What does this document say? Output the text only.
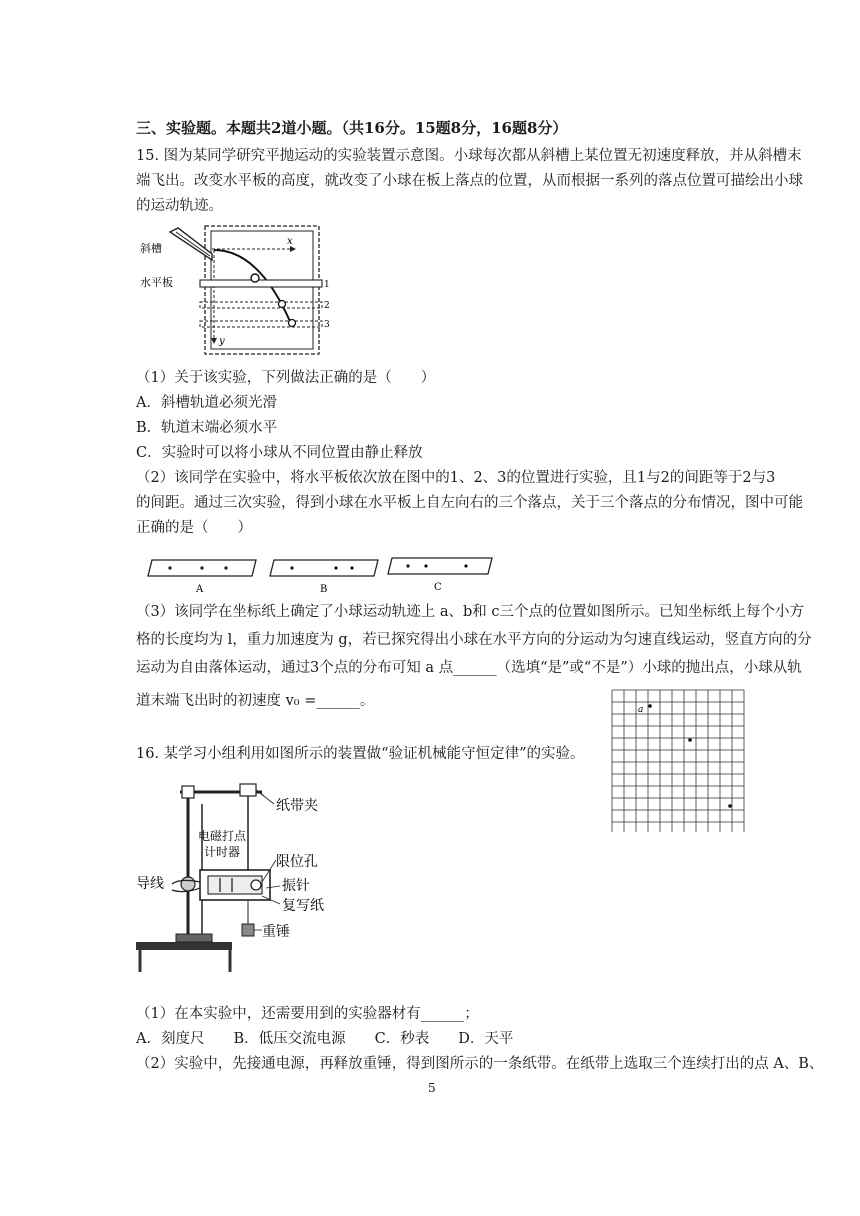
三、实验题。本题共2道小题。（共16分。15题8分，16题8分）
15. 图为某同学研究平抛运动的实验装置示意图。小球每次都从斜槽上某位置无初速度释放，并从斜槽末
端飞出。改变水平板的高度，就改变了小球在板上落点的位置，从而根据一系列的落点位置可描绘出小球
的运动轨迹。
x
y
1
2
3
斜槽
水平板
（1）关于该实验，下列做法正确的是（　　）
A．斜槽轨道必须光滑
B．轨道末端必须水平
C．实验时可以将小球从不同位置由静止释放
（2）该同学在实验中，将水平板依次放在图中的1、2、3的位置进行实验，且1与2的间距等于2与3
的间距。通过三次实验，得到小球在水平板上自左向右的三个落点，关于三个落点的分布情况，图中可能
正确的是（　　）
A	B	C
（3）该同学在坐标纸上确定了小球运动轨迹上 a、b和 c三个点的位置如图所示。已知坐标纸上每个小方
格的长度均为 l，重力加速度为 g，若已探究得出小球在水平方向的分运动为匀速直线运动，竖直方向的分
运动为自由落体运动，通过3个点的分布可知 a 点______（选填“是”或“不是”）小球的抛出点，小球从轨
道末端飞出时的初速度 v₀ =______。
a
16. 某学习小组利用如图所示的装置做“验证机械能守恒定律”的实验。
纸带夹
电磁打点
计时器
限位孔
导线	振针
复写纸
重锤
（1）在本实验中，还需要用到的实验器材有______；
A．刻度尺　　B．低压交流电源　　C．秒表　　D．天平
（2）实验中，先接通电源，再释放重锤，得到图所示的一条纸带。在纸带上选取三个连续打出的点 A、B、
5
